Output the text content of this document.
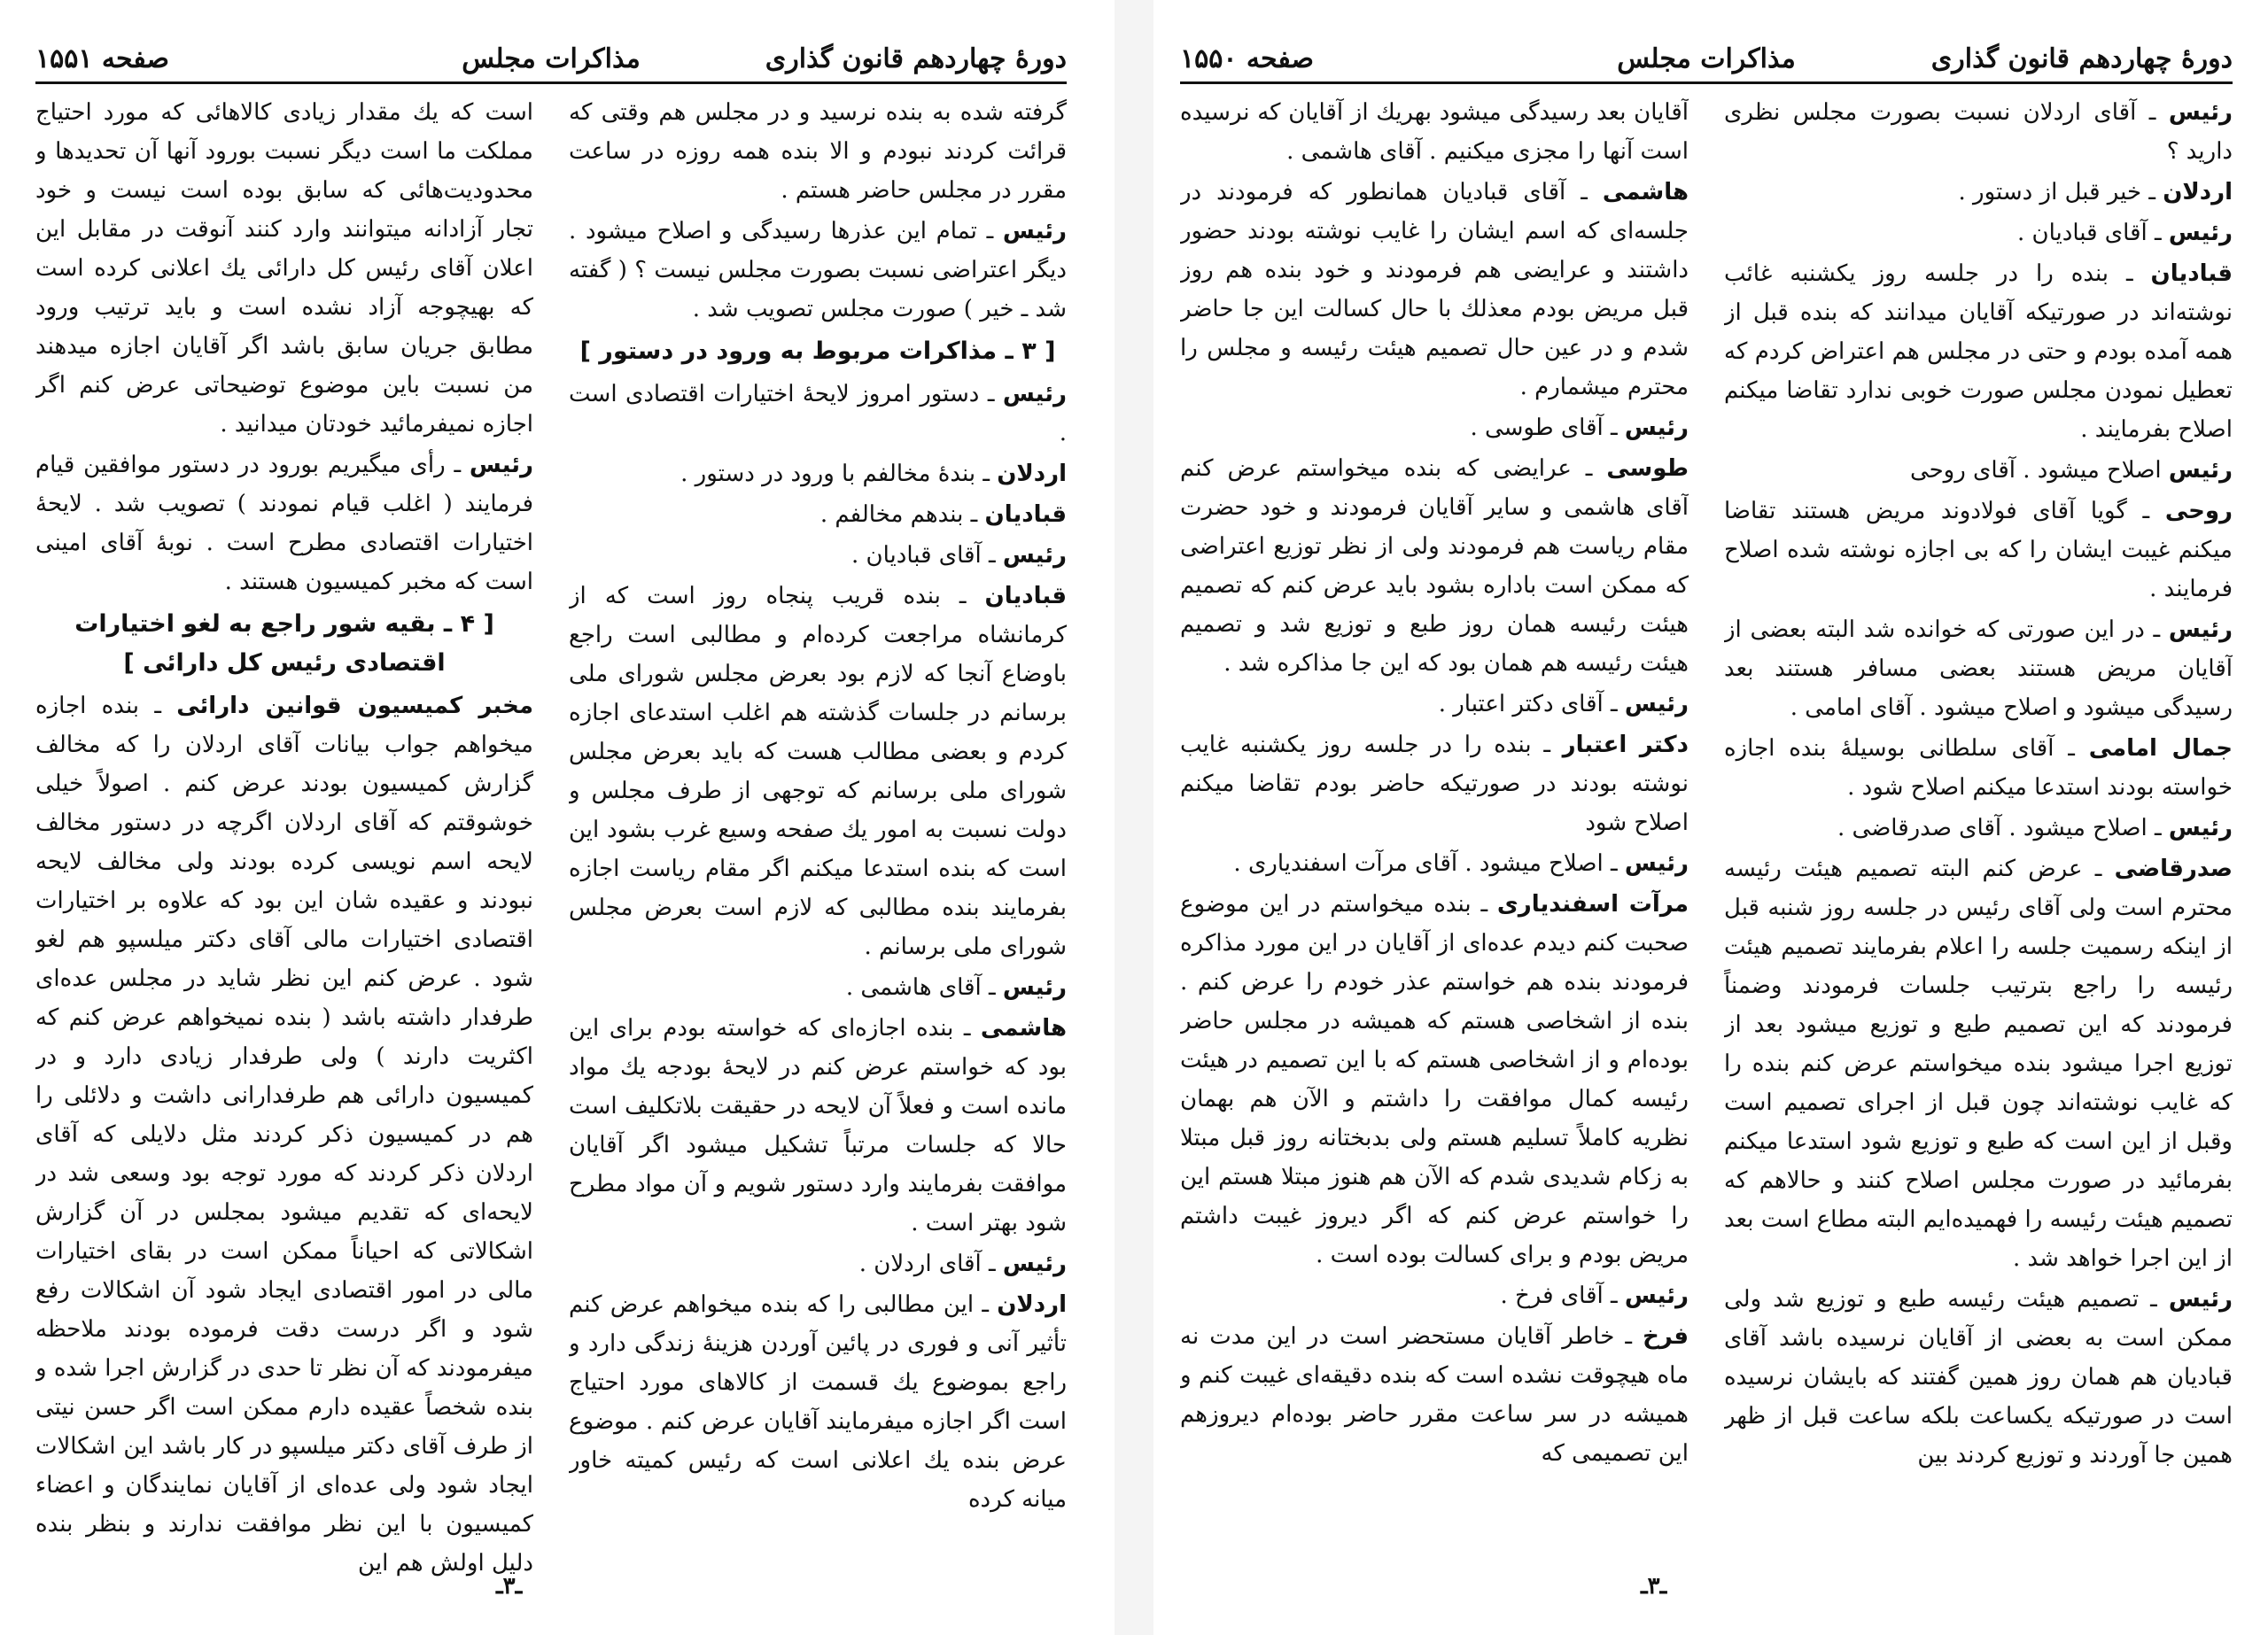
دورهٔ چهاردهم قانون گذاری
مذاکرات مجلس
صفحه ۱۵۵۱

گرفته شده به بنده نرسید و در مجلس هم وقتی که قرائت کردند نبودم و الا بنده همه روزه در ساعت مقرر در مجلس حاضر هستم .

رئیس ـ تمام این عذرها رسیدگی و اصلاح میشود . دیگر اعتراضی نسبت بصورت مجلس نیست ؟ ( گفته شد ـ خیر ) صورت مجلس تصویب شد .

[ ۳ ـ مذاکرات مربوط به ورود در دستور ]

رئیس ـ دستور امروز لایحهٔ اختیارات اقتصادی است .

اردلان ـ بندهٔ مخالفم با ورود در دستور .

قبادیان ـ بندهم مخالفم .

رئیس ـ آقای قبادیان .

قبادیان ـ بنده قریب پنجاه روز است که از کرمانشاه مراجعت کرده‌ام و مطالبی است راجع باوضاع آنجا که لازم بود بعرض مجلس شورای ملی برسانم در جلسات گذشته هم اغلب استدعای اجازه کردم و بعضی مطالب هست که باید بعرض مجلس شورای ملی برسانم که توجهی از طرف مجلس و دولت نسبت به امور یك صفحه وسیع غرب بشود این است که بنده استدعا میکنم اگر مقام ریاست اجازه بفرمایند بنده مطالبی که لازم است بعرض مجلس شورای ملی برسانم .

رئیس ـ آقای هاشمی .

هاشمی ـ بنده اجازه‌ای که خواسته بودم برای این بود که خواستم عرض کنم در لایحهٔ بودجه یك مواد مانده است و فعلاً آن لایحه در حقیقت بلاتکلیف است حالا که جلسات مرتباً تشکیل میشود اگر آقایان موافقت بفرمایند وارد دستور شویم و آن مواد مطرح شود بهتر است .

رئیس ـ آقای اردلان .

اردلان ـ این مطالبی را که بنده میخواهم عرض کنم تأثیر آنی و فوری در پائین آوردن هزینهٔ زندگی دارد و راجع بموضوع یك قسمت از کالاهای مورد احتیاج است اگر اجازه میفرمایند آقایان عرض کنم . موضوع عرض بنده یك اعلانی است که رئیس کمیته خاور میانه کرده

است که یك مقدار زیادی کالاهائی که مورد احتیاج مملکت ما است دیگر نسبت بورود آنها آن تحدیدها و محدودیت‌هائی که سابق بوده است نیست و خود تجار آزادانه میتوانند وارد کنند آنوقت در مقابل این اعلان آقای رئیس کل دارائی یك اعلانی کرده است که بهیچوجه آزاد نشده است و باید ترتیب ورود مطابق جریان سابق باشد اگر آقایان اجازه میدهند من نسبت باین موضوع توضیحاتی عرض کنم اگر اجازه نمیفرمائید خودتان میدانید .

رئیس ـ رأی میگیریم بورود در دستور موافقین قیام فرمایند ( اغلب قیام نمودند ) تصویب شد . لایحهٔ اختیارات اقتصادی مطرح است . نوبهٔ آقای امینی است که مخبر کمیسیون هستند .

[ ۴ ـ بقیه شور راجع به لغو اختیارات اقتصادی رئیس کل دارائی ]

مخبر کمیسیون قوانین دارائی ـ بنده اجازه میخواهم جواب بیانات آقای اردلان را که مخالف گزارش کمیسیون بودند عرض کنم . اصولاً خیلی خوشوقتم که آقای اردلان اگرچه در دستور مخالف لایحه اسم نویسی کرده بودند ولی مخالف لایحه نبودند و عقیده شان این بود که علاوه بر اختیارات اقتصادی اختیارات مالی آقای دکتر میلسپو هم لغو شود . عرض کنم این نظر شاید در مجلس عده‌ای طرفدار داشته باشد ( بنده نمیخواهم عرض کنم که اکثریت دارند ) ولی طرفدار زیادی دارد و در کمیسیون دارائی هم طرفدارانی داشت و دلائلی را هم در کمیسیون ذکر کردند مثل دلایلی که آقای اردلان ذکر کردند که مورد توجه بود وسعی شد در لایحه‌ای که تقدیم میشود بمجلس در آن گزارش اشکالاتی که احیاناً ممکن است در بقای اختیارات مالی در امور اقتصادی ایجاد شود آن اشکالات رفع شود و اگر درست دقت فرموده بودند ملاحظه میفرمودند که آن نظر تا حدی در گزارش اجرا شده و بنده شخصاً عقیده دارم ممکن است اگر حسن نیتی از طرف آقای دکتر میلسپو در کار باشد این اشکالات ایجاد شود ولی عده‌ای از آقایان نمایندگان و اعضاء کمیسیون با این نظر موافقت ندارند و بنظر بنده دلیل اولش هم این

ـ۳ـ
دورهٔ چهاردهم قانون گذاری
مذاکرات مجلس
صفحه ۱۵۵۰

رئیس ـ آقای اردلان نسبت بصورت مجلس نظری دارید ؟

اردلان ـ خیر قبل از دستور .

رئیس ـ آقای قبادیان .

قبادیان ـ بنده را در جلسه روز یکشنبه غائب نوشته‌اند در صورتیکه آقایان میدانند که بنده قبل از همه آمده بودم و حتی در مجلس هم اعتراض کردم که تعطیل نمودن مجلس صورت خوبی ندارد تقاضا میکنم اصلاح بفرمایند .

رئیس اصلاح میشود . آقای روحی

روحی ـ گویا آقای فولادوند مریض هستند تقاضا میکنم غیبت ایشان را که بی اجازه نوشته شده اصلاح فرمایند .

رئیس ـ در این صورتی که خوانده شد البته بعضی از آقایان مریض هستند بعضی مسافر هستند بعد رسیدگی میشود و اصلاح میشود . آقای امامی .

جمال امامی ـ آقای سلطانی بوسیلهٔ بنده اجازه خواسته بودند استدعا میکنم اصلاح شود .

رئیس ـ اصلاح میشود . آقای صدرقاضی .

صدرقاضی ـ عرض کنم البته تصمیم هیئت رئیسه محترم است ولی آقای رئیس در جلسه روز شنبه قبل از اینکه رسمیت جلسه را اعلام بفرمایند تصمیم هیئت رئیسه را راجع بترتیب جلسات فرمودند وضمناً فرمودند که این تصمیم طبع و توزیع میشود بعد از توزیع اجرا میشود بنده میخواستم عرض کنم بنده را که غایب نوشته‌اند چون قبل از اجرای تصمیم است وقبل از این است که طبع و توزیع شود استدعا میکنم بفرمائید در صورت مجلس اصلاح کنند و حالاهم که تصمیم هیئت رئیسه را فهمیده‌ایم البته مطاع است بعد از این اجرا خواهد شد .

رئیس ـ تصمیم هیئت رئیسه طبع و توزیع شد ولی ممکن است به بعضی از آقایان نرسیده باشد آقای قبادیان هم همان روز همین گفتند که بایشان نرسیده است در صورتیکه یکساعت بلکه ساعت قبل از ظهر همین جا آوردند و توزیع کردند بین

آقایان بعد رسیدگی میشود بهریك از آقایان که نرسیده است آنها را مجزی میکنیم . آقای هاشمی .

هاشمی ـ آقای قبادیان همانطور که فرمودند در جلسه‌ای که اسم ایشان را غایب نوشته بودند حضور داشتند و عرایضی هم فرمودند و خود بنده هم روز قبل مریض بودم معذلك با حال کسالت این جا حاضر شدم و در عین حال تصمیم هیئت رئیسه و مجلس را محترم میشمارم .

رئیس ـ آقای طوسی .

طوسی ـ عرایضی که بنده میخواستم عرض کنم آقای هاشمی و سایر آقایان فرمودند و خود حضرت مقام ریاست هم فرمودند ولی از نظر توزیع اعتراضی که ممکن است باداره بشود باید عرض کنم که تصمیم هیئت رئیسه همان روز طبع و توزیع شد و تصمیم هیئت رئیسه هم همان بود که این جا مذاکره شد .

رئیس ـ آقای دکتر اعتبار .

دکتر اعتبار ـ بنده را در جلسه روز یکشنبه غایب نوشته بودند در صورتیکه حاضر بودم تقاضا میکنم اصلاح شود

رئیس ـ اصلاح میشود . آقای مرآت اسفندیاری .

مرآت اسفندیاری ـ بنده میخواستم در این موضوع صحبت کنم دیدم عده‌ای از آقایان در این مورد مذاکره فرمودند بنده هم خواستم عذر خودم را عرض کنم . بنده از اشخاصی هستم که همیشه در مجلس حاضر بوده‌ام و از اشخاصی هستم که با این تصمیم در هیئت رئیسه کمال موافقت را داشتم و الآن هم بهمان نظریه کاملاً تسلیم هستم ولی بدبختانه روز قبل مبتلا به زکام شدیدی شدم که الآن هم هنوز مبتلا هستم این را خواستم عرض کنم که اگر دیروز غیبت داشتم مریض بودم و برای کسالت بوده است .

رئیس ـ آقای فرخ .

فرخ ـ خاطر آقایان مستحضر است در این مدت نه ماه هیچوقت نشده است که بنده دقیقه‌ای غیبت کنم و همیشه در سر ساعت مقرر حاضر بوده‌ام دیروزهم این تصمیمی که

ـ۳ـ
